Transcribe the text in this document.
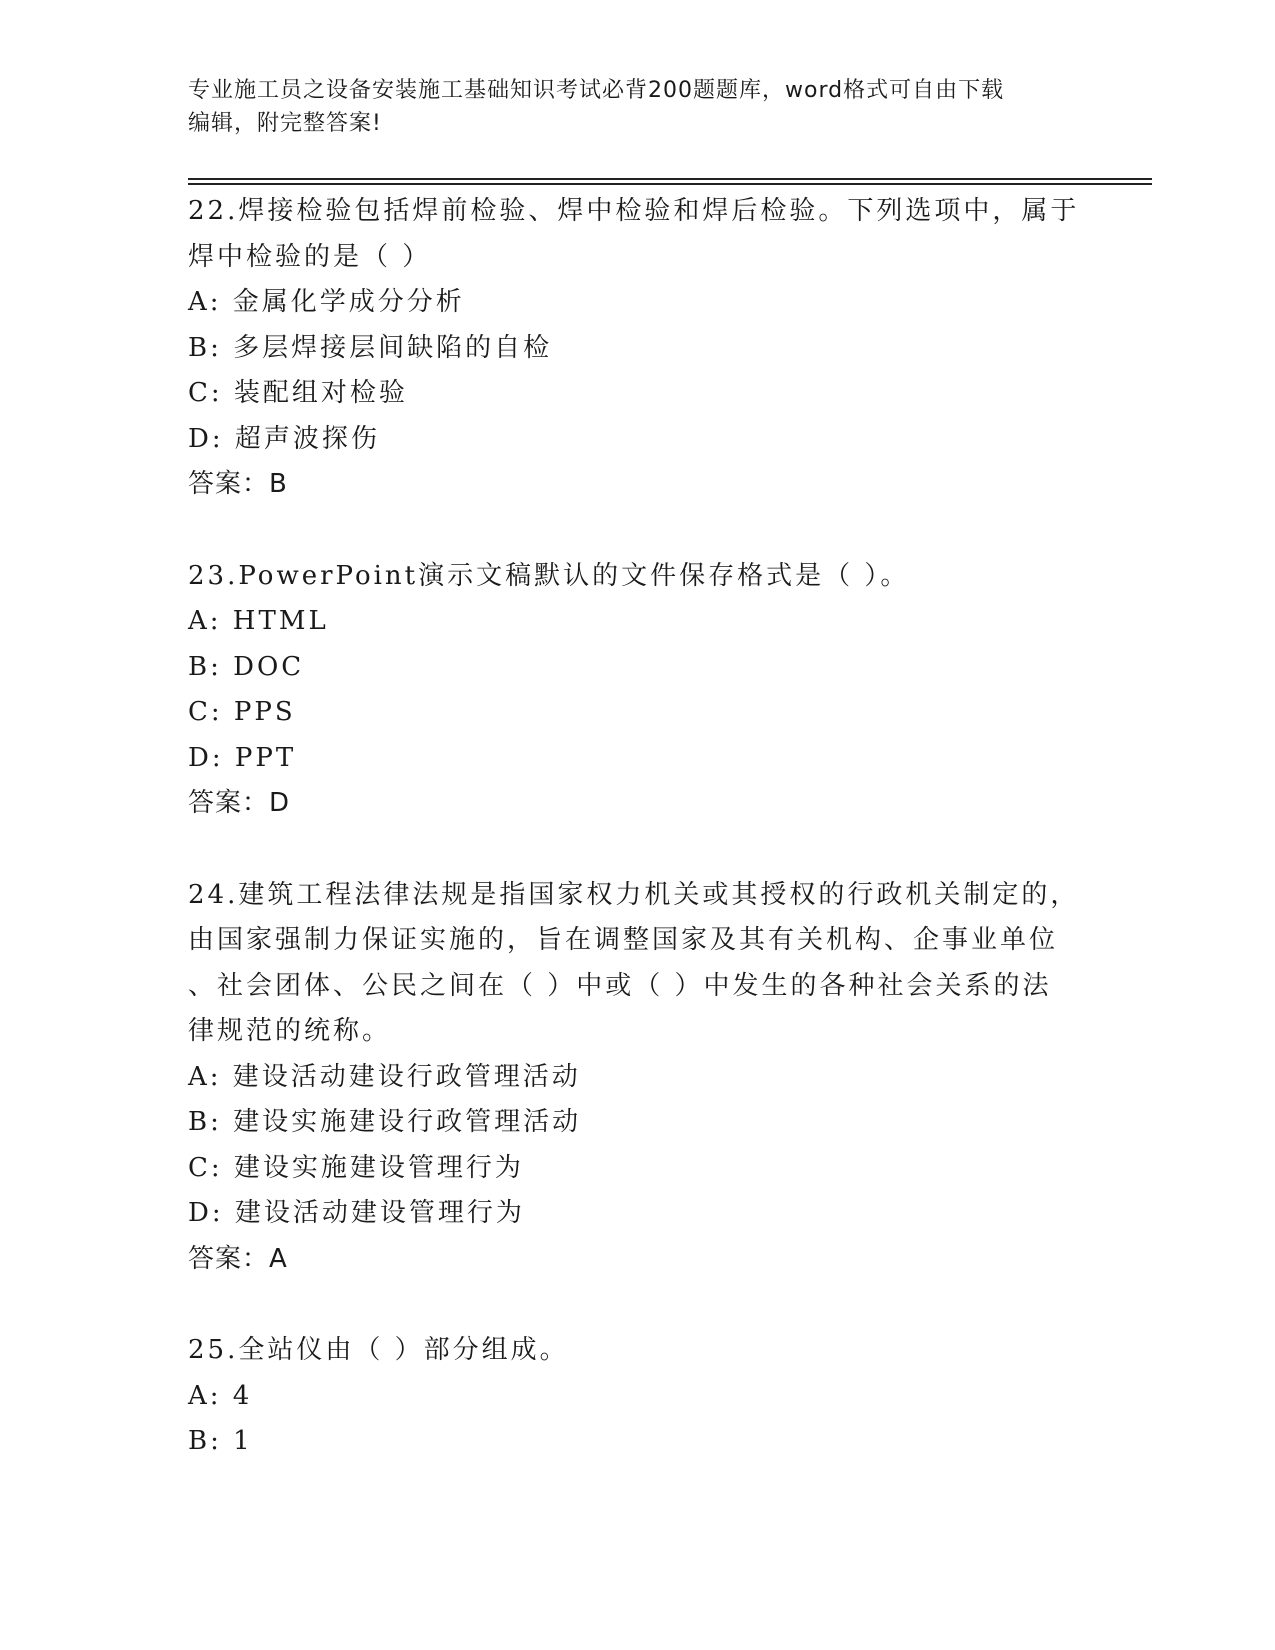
专业施工员之设备安装施工基础知识考试必背200题题库，word格式可自由下载
编辑，附完整答案!
22.焊接检验包括焊前检验、焊中检验和焊后检验。下列选项中，属于
焊中检验的是（ ）
A: 金属化学成分分析
B: 多层焊接层间缺陷的自检
C: 装配组对检验
D: 超声波探伤
答案：B
23.PowerPoint演示文稿默认的文件保存格式是（ ）。
A: HTML
B: DOC
C: PPS
D: PPT
答案：D
24.建筑工程法律法规是指国家权力机关或其授权的行政机关制定的，
由国家强制力保证实施的，旨在调整国家及其有关机构、企事业单位
、社会团体、公民之间在（ ）中或（ ）中发生的各种社会关系的法
律规范的统称。
A: 建设活动建设行政管理活动
B: 建设实施建设行政管理活动
C: 建设实施建设管理行为
D: 建设活动建设管理行为
答案：A
25.全站仪由（ ）部分组成。
A: 4
B: 1
